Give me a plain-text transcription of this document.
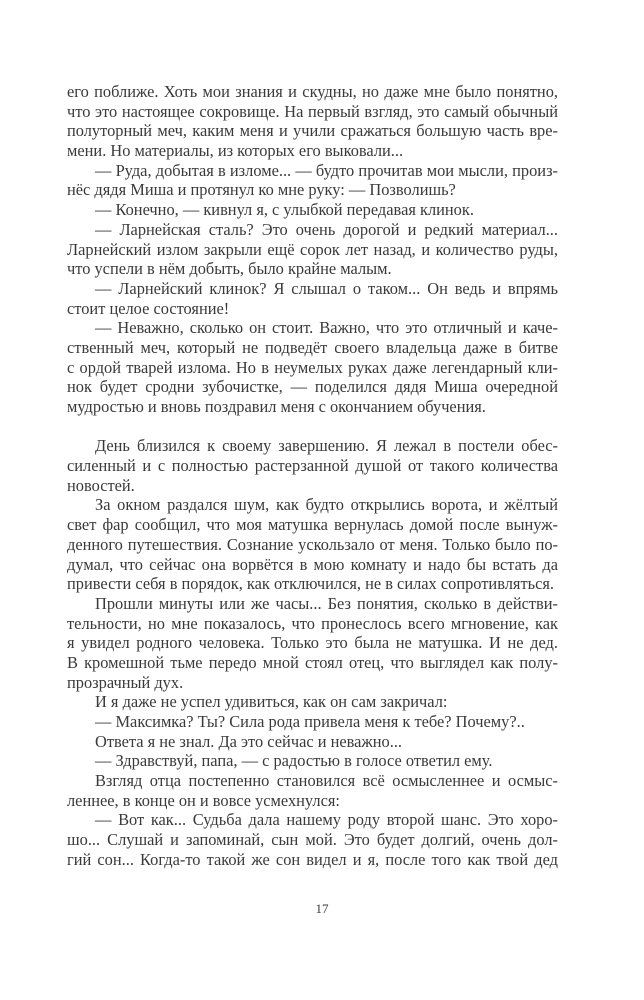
его поближе. Хоть мои знания и скудны, но даже мне было понятно,
что это настоящее сокровище. На первый взгляд, это самый обычный
полуторный меч, каким меня и учили сражаться большую часть вре-
мени. Но материалы, из которых его выковали...
— Руда, добытая в изломе... — будто прочитав мои мысли, произ-
нёс дядя Миша и протянул ко мне руку: — Позволишь?
— Конечно, — кивнул я, с улыбкой передавая клинок.
— Ларнейская сталь? Это очень дорогой и редкий материал...
Ларнейский излом закрыли ещё сорок лет назад, и количество руды,
что успели в нём добыть, было крайне малым.
— Ларнейский клинок? Я слышал о таком... Он ведь и впрямь
стоит целое состояние!
— Неважно, сколько он стоит. Важно, что это отличный и каче-
ственный меч, который не подведёт своего владельца даже в битве
с ордой тварей излома. Но в неумелых руках даже легендарный кли-
нок будет сродни зубочистке, — поделился дядя Миша очередной
мудростью и вновь поздравил меня с окончанием обучения.
День близился к своему завершению. Я лежал в постели обес-
силенный и с полностью растерзанной душой от такого количества
новостей.
За окном раздался шум, как будто открылись ворота, и жёлтый
свет фар сообщил, что моя матушка вернулась домой после вынуж-
денного путешествия. Сознание ускользало от меня. Только было по-
думал, что сейчас она ворвётся в мою комнату и надо бы встать да
привести себя в порядок, как отключился, не в силах сопротивляться.
Прошли минуты или же часы... Без понятия, сколько в действи-
тельности, но мне показалось, что пронеслось всего мгновение, как
я увидел родного человека. Только это была не матушка. И не дед.
В кромешной тьме передо мной стоял отец, что выглядел как полу-
прозрачный дух.
И я даже не успел удивиться, как он сам закричал:
— Максимка? Ты? Сила рода привела меня к тебе? Почему?..
Ответа я не знал. Да это сейчас и неважно...
— Здравствуй, папа, — с радостью в голосе ответил ему.
Взгляд отца постепенно становился всё осмысленнее и осмыс-
леннее, в конце он и вовсе усмехнулся:
— Вот как... Судьба дала нашему роду второй шанс. Это хоро-
шо... Слушай и запоминай, сын мой. Это будет долгий, очень дол-
гий сон... Когда-то такой же сон видел и я, после того как твой дед
17
